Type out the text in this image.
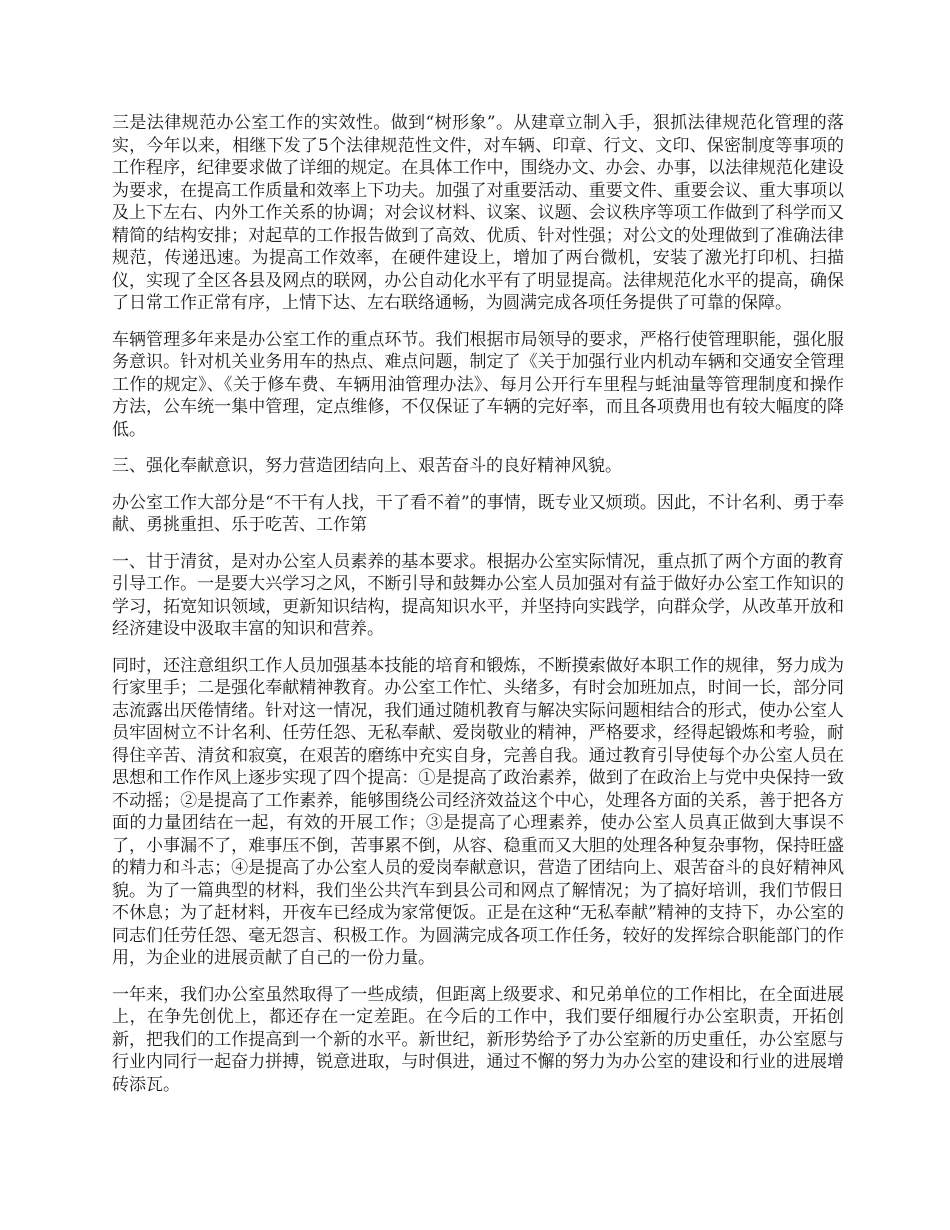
三是法律规范办公室工作的实效性。做到“树形象”。从建章立制入手，狠抓法律规范化管理的落实，今年以来，相继下发了5个法律规范性文件，对车辆、印章、行文、文印、保密制度等事项的工作程序，纪律要求做了详细的规定。在具体工作中，围绕办文、办会、办事，以法律规范化建设为要求，在提高工作质量和效率上下功夫。加强了对重要活动、重要文件、重要会议、重大事项以及上下左右、内外工作关系的协调；对会议材料、议案、议题、会议秩序等项工作做到了科学而又精简的结构安排；对起草的工作报告做到了高效、优质、针对性强；对公文的处理做到了准确法律规范，传递迅速。为提高工作效率，在硬件建设上，增加了两台微机，安装了激光打印机、扫描仪，实现了全区各县及网点的联网，办公自动化水平有了明显提高。法律规范化水平的提高，确保了日常工作正常有序，上情下达、左右联络通畅，为圆满完成各项任务提供了可靠的保障。

车辆管理多年来是办公室工作的重点环节。我们根据市局领导的要求，严格行使管理职能，强化服务意识。针对机关业务用车的热点、难点问题，制定了《关于加强行业内机动车辆和交通安全管理工作的规定》、《关于修车费、车辆用油管理办法》、每月公开行车里程与蚝油量等管理制度和操作方法，公车统一集中管理，定点维修，不仅保证了车辆的完好率，而且各项费用也有较大幅度的降低。

三、强化奉献意识，努力营造团结向上、艰苦奋斗的良好精神风貌。

办公室工作大部分是“不干有人找，干了看不着”的事情，既专业又烦琐。因此，不计名利、勇于奉献、勇挑重担、乐于吃苦、工作第

一、甘于清贫，是对办公室人员素养的基本要求。根据办公室实际情况，重点抓了两个方面的教育引导工作。一是要大兴学习之风，不断引导和鼓舞办公室人员加强对有益于做好办公室工作知识的学习，拓宽知识领域，更新知识结构，提高知识水平，并坚持向实践学，向群众学，从改革开放和经济建设中汲取丰富的知识和营养。

同时，还注意组织工作人员加强基本技能的培育和锻炼，不断摸索做好本职工作的规律，努力成为行家里手；二是强化奉献精神教育。办公室工作忙、头绪多，有时会加班加点，时间一长，部分同志流露出厌倦情绪。针对这一情况，我们通过随机教育与解决实际问题相结合的形式，使办公室人员牢固树立不计名利、任劳任怨、无私奉献、爱岗敬业的精神，严格要求，经得起锻炼和考验，耐得住辛苦、清贫和寂寞，在艰苦的磨练中充实自身，完善自我。通过教育引导使每个办公室人员在思想和工作作风上逐步实现了四个提高：①是提高了政治素养，做到了在政治上与党中央保持一致不动摇；②是提高了工作素养，能够围绕公司经济效益这个中心，处理各方面的关系，善于把各方面的力量团结在一起，有效的开展工作；③是提高了心理素养，使办公室人员真正做到大事误不了，小事漏不了，难事压不倒，苦事累不倒，从容、稳重而又大胆的处理各种复杂事物，保持旺盛的精力和斗志；④是提高了办公室人员的爱岗奉献意识，营造了团结向上、艰苦奋斗的良好精神风貌。为了一篇典型的材料，我们坐公共汽车到县公司和网点了解情况；为了搞好培训，我们节假日不休息；为了赶材料，开夜车已经成为家常便饭。正是在这种“无私奉献”精神的支持下，办公室的同志们任劳任怨、毫无怨言、积极工作。为圆满完成各项工作任务，较好的发挥综合职能部门的作用，为企业的进展贡献了自己的一份力量。

一年来，我们办公室虽然取得了一些成绩，但距离上级要求、和兄弟单位的工作相比，在全面进展上，在争先创优上，都还存在一定差距。在今后的工作中，我们要仔细履行办公室职责，开拓创新，把我们的工作提高到一个新的水平。新世纪，新形势给予了办公室新的历史重任，办公室愿与行业内同行一起奋力拼搏，锐意进取，与时俱进，通过不懈的努力为办公室的建设和行业的进展增砖添瓦。
